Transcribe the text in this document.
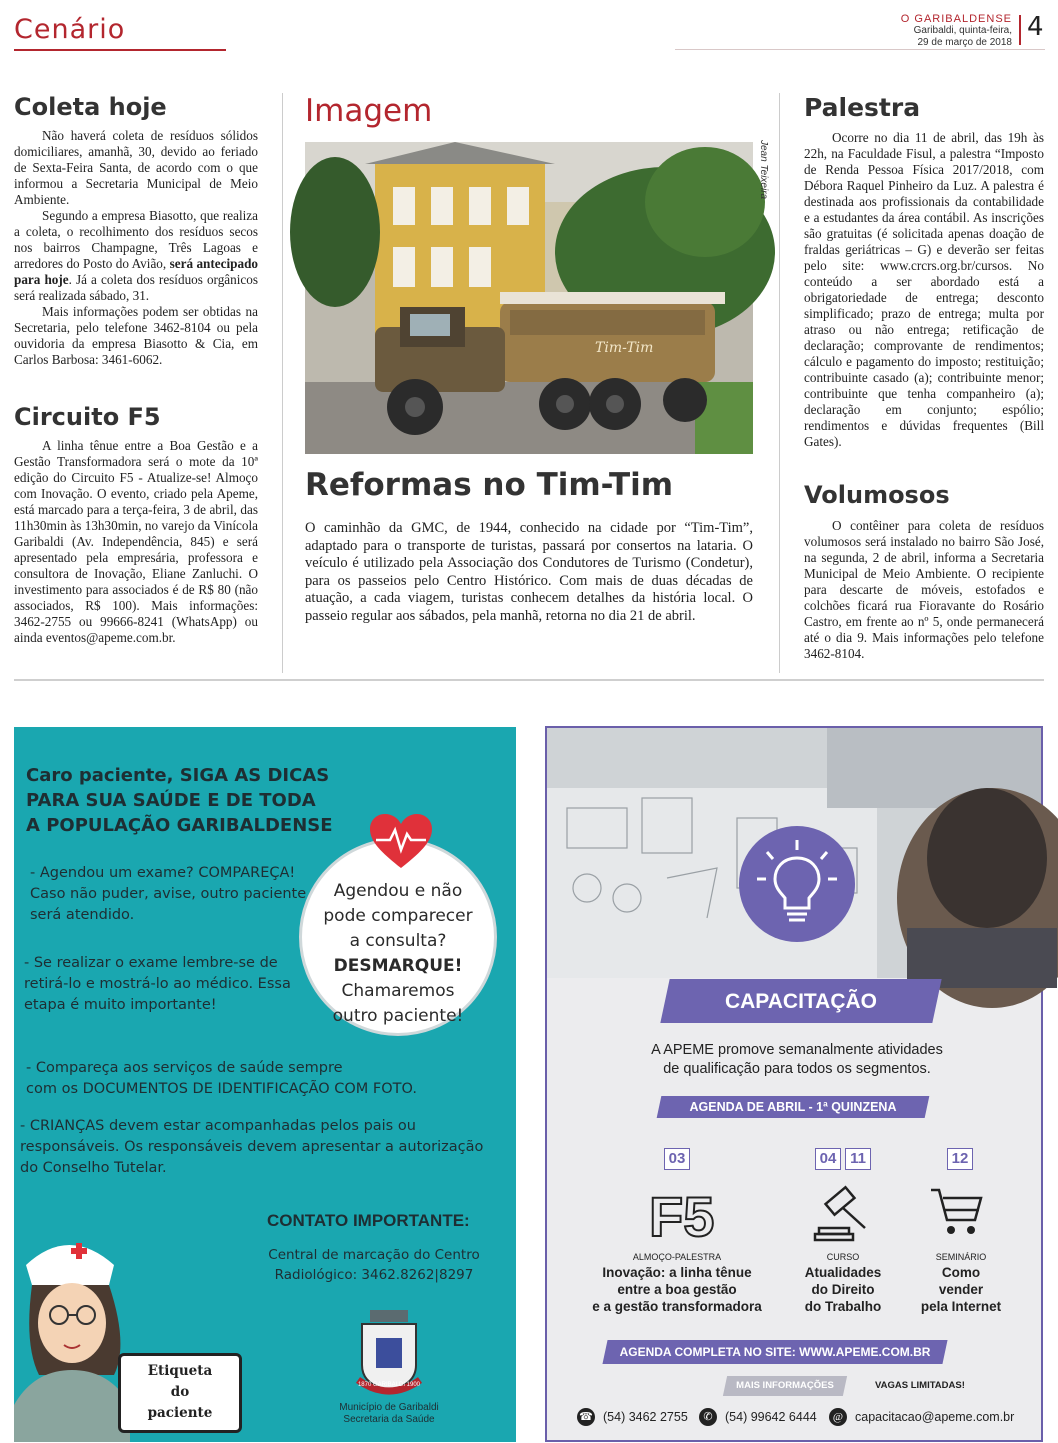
Cenário	O GARIBALDENSE
Garibaldi, quinta-feira,
29 de março de 2018
4
Coleta hoje

Não haverá coleta de resíduos sólidos domiciliares, amanhã, 30, devido ao feriado de Sexta-Feira Santa, de acordo com o que informou a Secretaria Municipal de Meio Ambiente.

Segundo a empresa Biasotto, que realiza a coleta, o recolhimento dos resíduos secos nos bairros Champagne, Três Lagoas e arredores do Posto do Avião, será antecipado para hoje. Já a coleta dos resíduos orgânicos será realizada sábado, 31.

Mais informações podem ser obtidas na Secretaria, pelo telefone 3462-8104 ou pela ouvidoria da empresa Biasotto & Cia, em Carlos Barbosa: 3461-6062.

Circuito F5

A linha tênue entre a Boa Gestão e a Gestão Transformadora será o mote da 10ª edição do Circuito F5 - Atualize-se! Almoço com Inovação. O evento, criado pela Apeme, está marcado para a terça-feira, 3 de abril, das 11h30min às 13h30min, no varejo da Vinícola Garibaldi (Av. Independência, 845) e será apresentado pela empresária, professora e consultora de Inovação, Eliane Zanluchi. O investimento para associados é de R$ 80 (não associados, R$ 100). Mais informações: 3462-2755 ou 99666-8241 (WhatsApp) ou ainda eventos@apeme.com.br.

Imagem
Tim-Tim
Jean Teixeira
Reformas no Tim-Tim
O caminhão da GMC, de 1944, conhecido na cidade por “Tim-Tim”, adaptado para o transporte de turistas, passará por consertos na lataria. O veículo é utilizado pela Associação dos Condutores de Turismo (Condetur), para os passeios pelo Centro Histórico. Com mais de duas décadas de atuação, a cada viagem, turistas conhecem detalhes da história local. O passeio regular aos sábados, pela manhã, retorna no dia 21 de abril.
Palestra

Ocorre no dia 11 de abril, das 19h às 22h, na Faculdade Fisul, a palestra “Imposto de Renda Pessoa Física 2017/2018, com Débora Raquel Pinheiro da Luz. A palestra é destinada aos profissionais da contabilidade e a estudantes da área contábil. As inscrições são gratuitas (é solicitada apenas doação de fraldas geriátricas – G) e deverão ser feitas pelo site: www.crcrs.org.br/cursos. No conteúdo a ser abordado está a obrigatoriedade de entrega; desconto simplificado; prazo de entrega; multa por atraso ou não entrega; retificação de declaração; comprovante de rendimentos; cálculo e pagamento do imposto; restituição; contribuinte casado (a); contribuinte menor; contribuinte que tenha companheiro (a); declaração em conjunto; espólio; rendimentos e dúvidas frequentes (Bill Gates).

Volumosos

O contêiner para coleta de resíduos volumosos será instalado no bairro São José, na segunda, 2 de abril, informa a Secretaria Municipal de Meio Ambiente. O recipiente para descarte de móveis, estofados e colchões ficará rua Fioravante do Rosário Castro, em frente ao nº 5, onde permanecerá até o dia 9. Mais informações pelo telefone 3462-8104.

Caro paciente, SIGA AS DICAS
PARA SUA SAÚDE E DE TODA
A POPULAÇÃO GARIBALDENSE
- Agendou um exame? COMPAREÇA!
Caso não puder, avise, outro paciente
será atendido.
- Se realizar o exame lembre-se de
retirá-lo e mostrá-lo ao médico. Essa
etapa é muito importante!
- Compareça aos serviços de saúde sempre
com os DOCUMENTOS DE IDENTIFICAÇÃO COM FOTO.
- CRIANÇAS devem estar acompanhadas pelos pais ou
responsáveis. Os responsáveis devem apresentar a autorização
do Conselho Tutelar.
Agendou e não
pode comparecer
a consulta?
DESMARQUE!
Chamaremos
outro paciente!
CONTATO IMPORTANTE:
Central de marcação do Centro
Radiológico: 3462.8262|8297
Etiqueta
do
paciente
1870 GARIBALDI 1900
Município de Garibaldi
Secretaria da Saúde
CAPACITAÇÃO
A APEME promove semanalmente atividades
de qualificação para todos os segmentos.
AGENDA DE ABRIL - 1ª QUINZENA
03
F5
ALMOÇO-PALESTRA
Inovação: a linha tênue
entre a boa gestão
e a gestão transformadora
04 11
CURSO
Atualidades
do Direito
do Trabalho
12
SEMINÁRIO
Como
vender
pela Internet
AGENDA COMPLETA NO SITE: WWW.APEME.COM.BR
MAIS INFORMAÇÕES	VAGAS LIMITADAS!
☎ (54) 3462 2755	✆ (54) 99642 6444	@ capacitacao@apeme.com.br
